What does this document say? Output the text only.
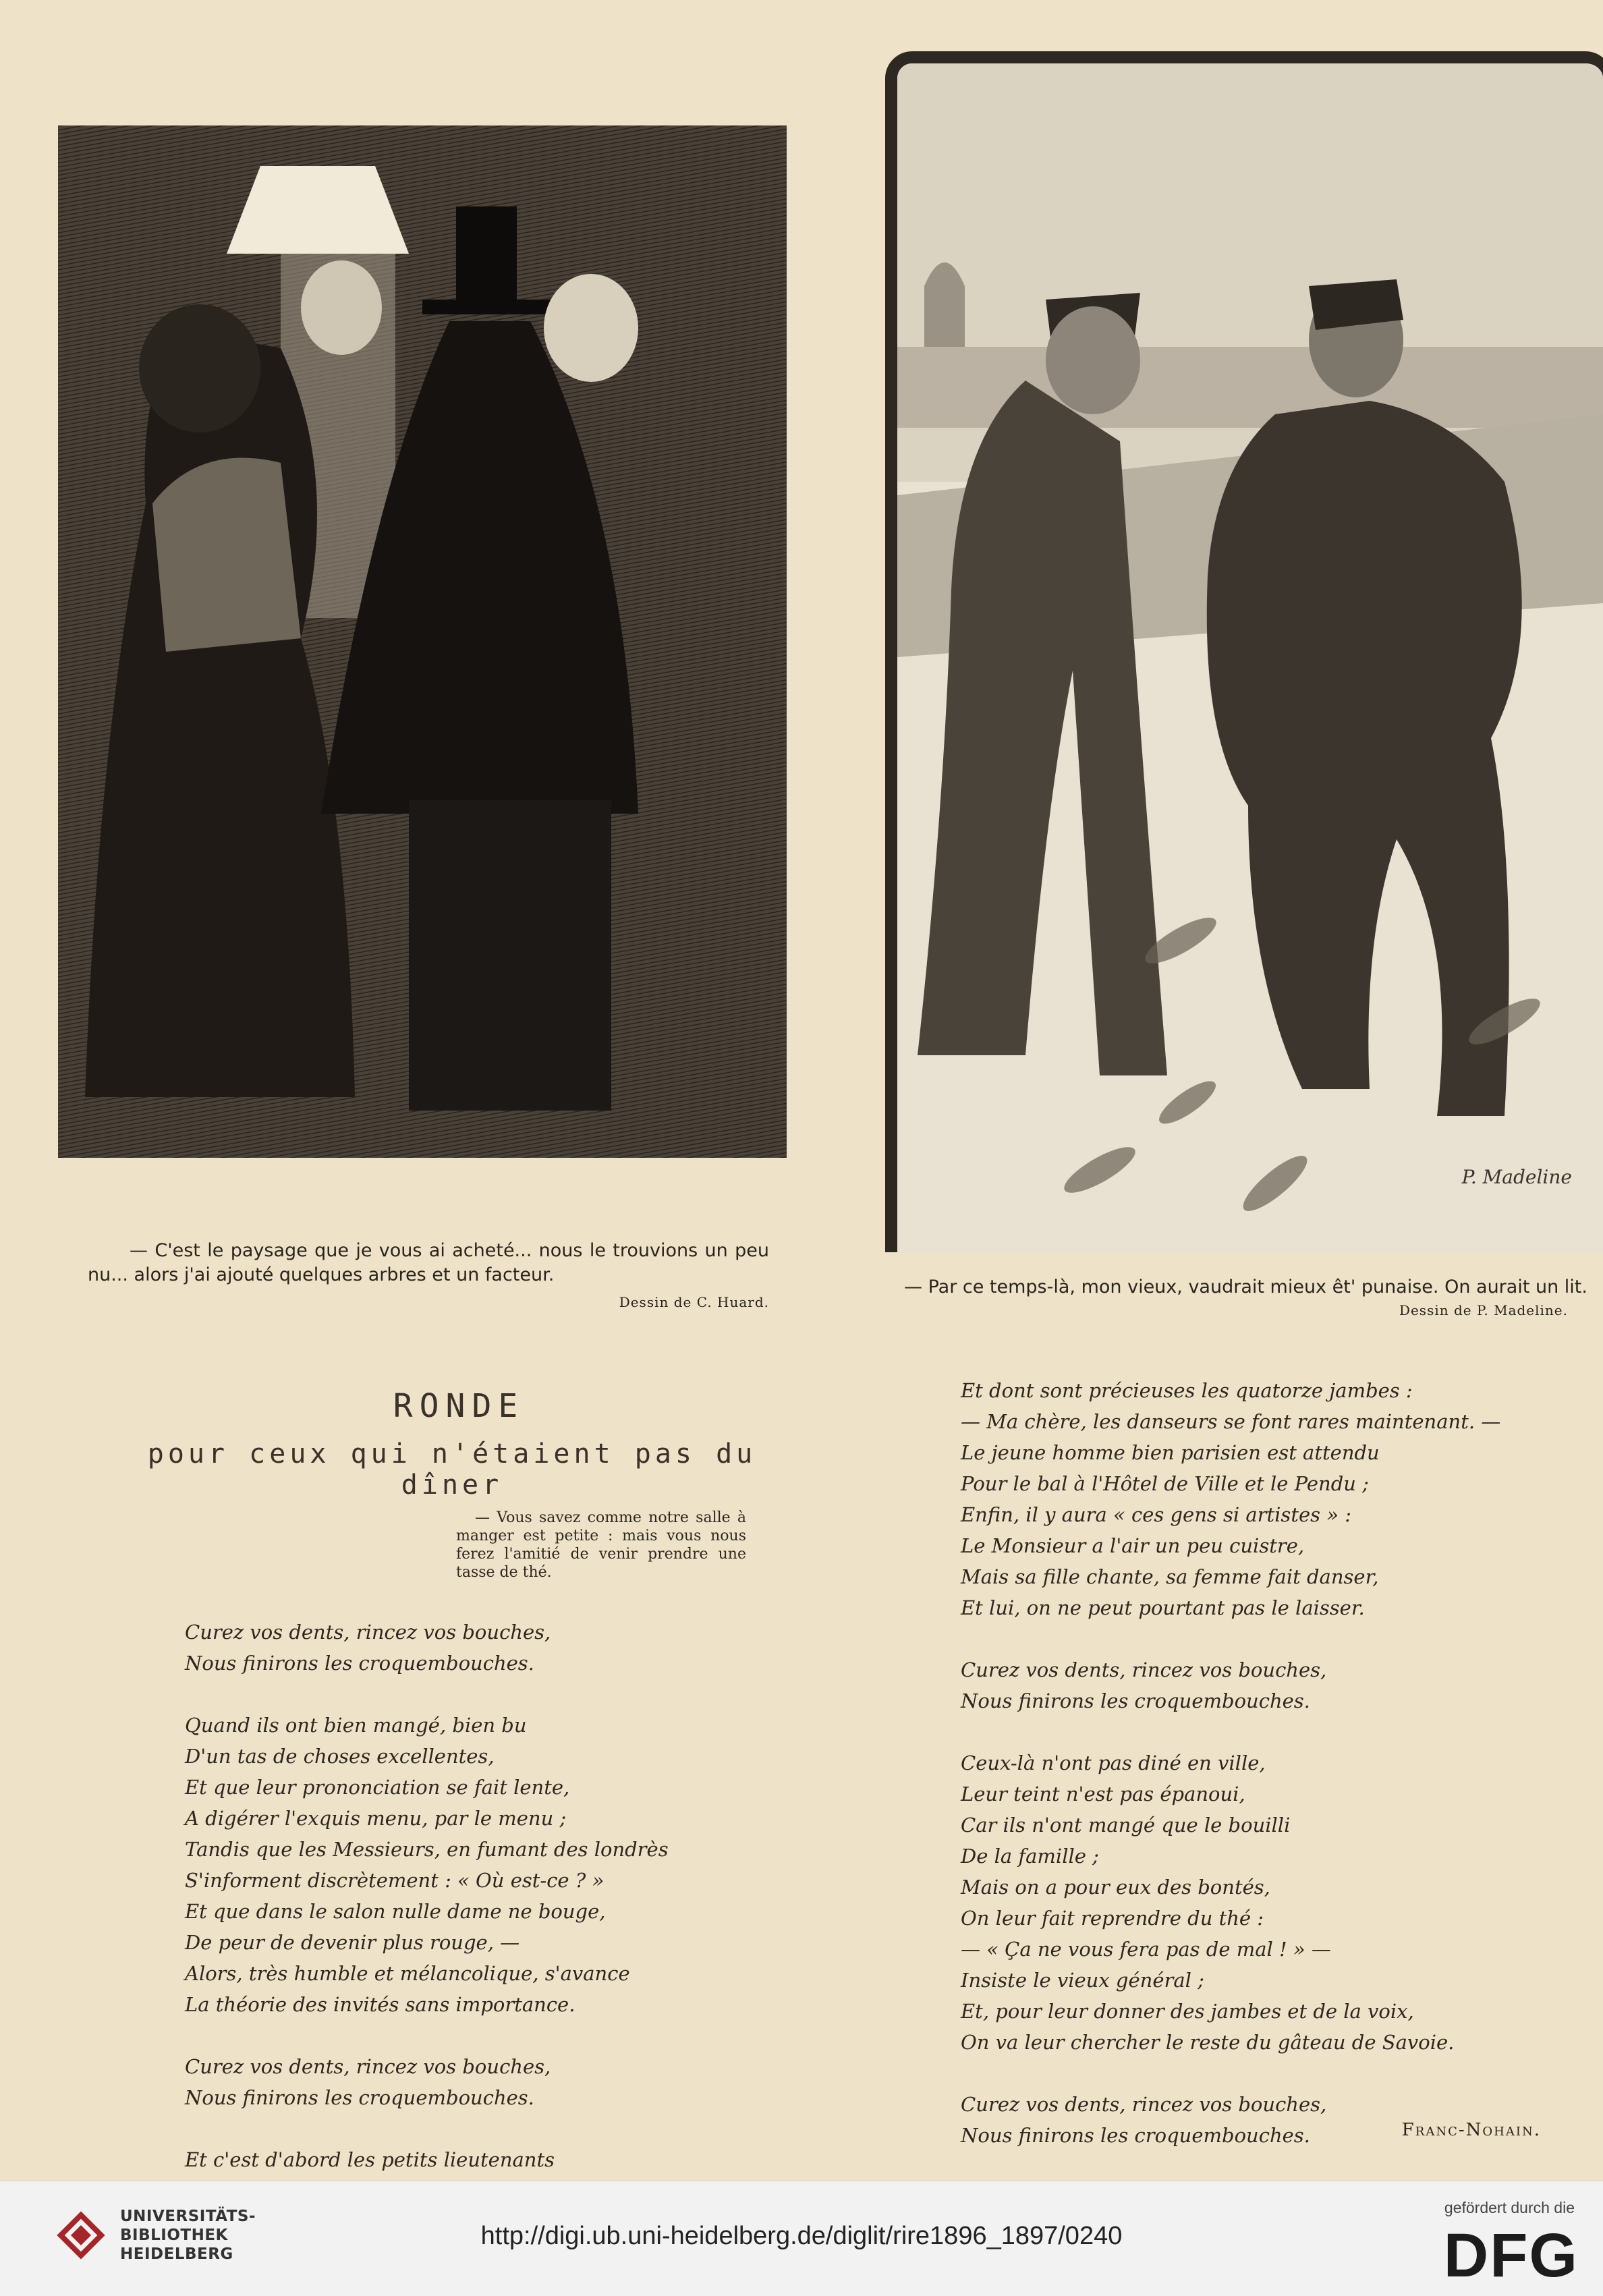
P. Madeline
— C'est le paysage que je vous ai acheté... nous le trouvions un peu nu... alors j'ai ajouté quelques arbres et un facteur.
Dessin de C. Huard.
— Par ce temps-là, mon vieux, vaudrait mieux êt' punaise. On aurait un lit.
Dessin de P. Madeline.
RONDE
pour ceux qui n'étaient pas du dîner
— Vous savez comme notre salle à manger est petite : mais vous nous ferez l'amitié de venir prendre une tasse de thé.
Curez vos dents, rincez vos bouches,
Nous finirons les croquembouches.
Quand ils ont bien mangé, bien bu
D'un tas de choses excellentes,
Et que leur prononciation se fait lente,
A digérer l'exquis menu, par le menu ;
Tandis que les Messieurs, en fumant des londrès
S'informent discrètement : « Où est-ce ? »
Et que dans le salon nulle dame ne bouge,
De peur de devenir plus rouge, —
Alors, très humble et mélancolique, s'avance
La théorie des invités sans importance.
Curez vos dents, rincez vos bouches,
Nous finirons les croquembouches.
Et c'est d'abord les petits lieutenants
Et dont sont précieuses les quatorze jambes :
— Ma chère, les danseurs se font rares maintenant. —
Le jeune homme bien parisien est attendu
Pour le bal à l'Hôtel de Ville et le Pendu ;
Enfin, il y aura « ces gens si artistes » :
Le Monsieur a l'air un peu cuistre,
Mais sa fille chante, sa femme fait danser,
Et lui, on ne peut pourtant pas le laisser.
Curez vos dents, rincez vos bouches,
Nous finirons les croquembouches.
Ceux-là n'ont pas diné en ville,
Leur teint n'est pas épanoui,
Car ils n'ont mangé que le bouilli
De la famille ;
Mais on a pour eux des bontés,
On leur fait reprendre du thé :
— « Ça ne vous fera pas de mal ! » —
Insiste le vieux général ;
Et, pour leur donner des jambes et de la voix,
On va leur chercher le reste du gâteau de Savoie.
Curez vos dents, rincez vos bouches,
Nous finirons les croquembouches.	Franc-Nohain.
UNIVERSITÄTS-
BIBLIOTHEK
HEIDELBERG
http://digi.ub.uni-heidelberg.de/diglit/rire1896_1897/0240
gefördert durch die
DFG
